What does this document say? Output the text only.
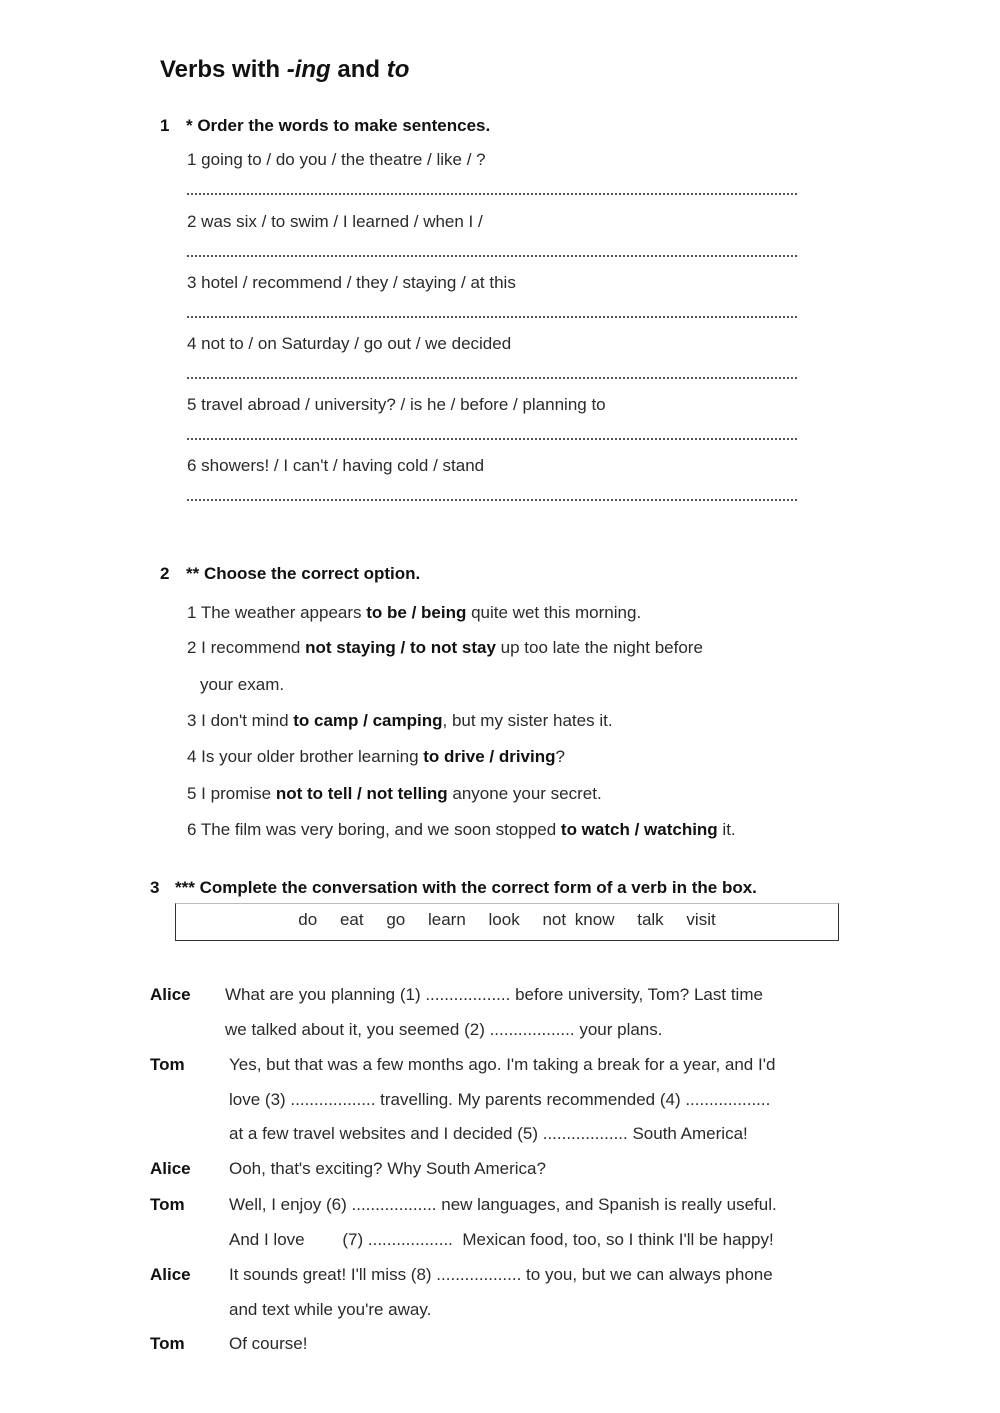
Verbs with -ing and to
1 * Order the words to make sentences.
1 going to / do you / the theatre / like / ?
2 was six / to swim / I learned / when I /
3 hotel / recommend / they / staying / at this
4 not to / on Saturday / go out / we decided
5 travel abroad / university? / is he / before / planning to
6 showers! / I can't / having cold / stand
2 ** Choose the correct option.
1 The weather appears to be / being quite wet this morning.
2 I recommend not staying / to not stay up too late the night before
your exam.
3 I don't mind to camp / camping, but my sister hates it.
4 Is your older brother learning to drive / driving?
5 I promise not to tell / not telling anyone your secret.
6 The film was very boring, and we soon stopped to watch / watching it.
3 *** Complete the conversation with the correct form of a verb in the box.
do eat go learn look not know talk visit
Alice What are you planning (1) .................. before university, Tom? Last time
we talked about it, you seemed (2) .................. your plans.
Tom	Yes, but that was a few months ago. I'm taking a break for a year, and I'd
love (3) .................. travelling. My parents recommended (4) ..................
at a few travel websites and I decided (5) .................. South America!
Alice Ooh, that's exciting? Why South America?
Tom	Well, I enjoy (6) .................. new languages, and Spanish is really useful.
And I love        (7) ..................  Mexican food, too, so I think I'll be happy!
Alice It sounds great! I'll miss (8) .................. to you, but we can always phone
and text while you're away.
Tom	Of course!
